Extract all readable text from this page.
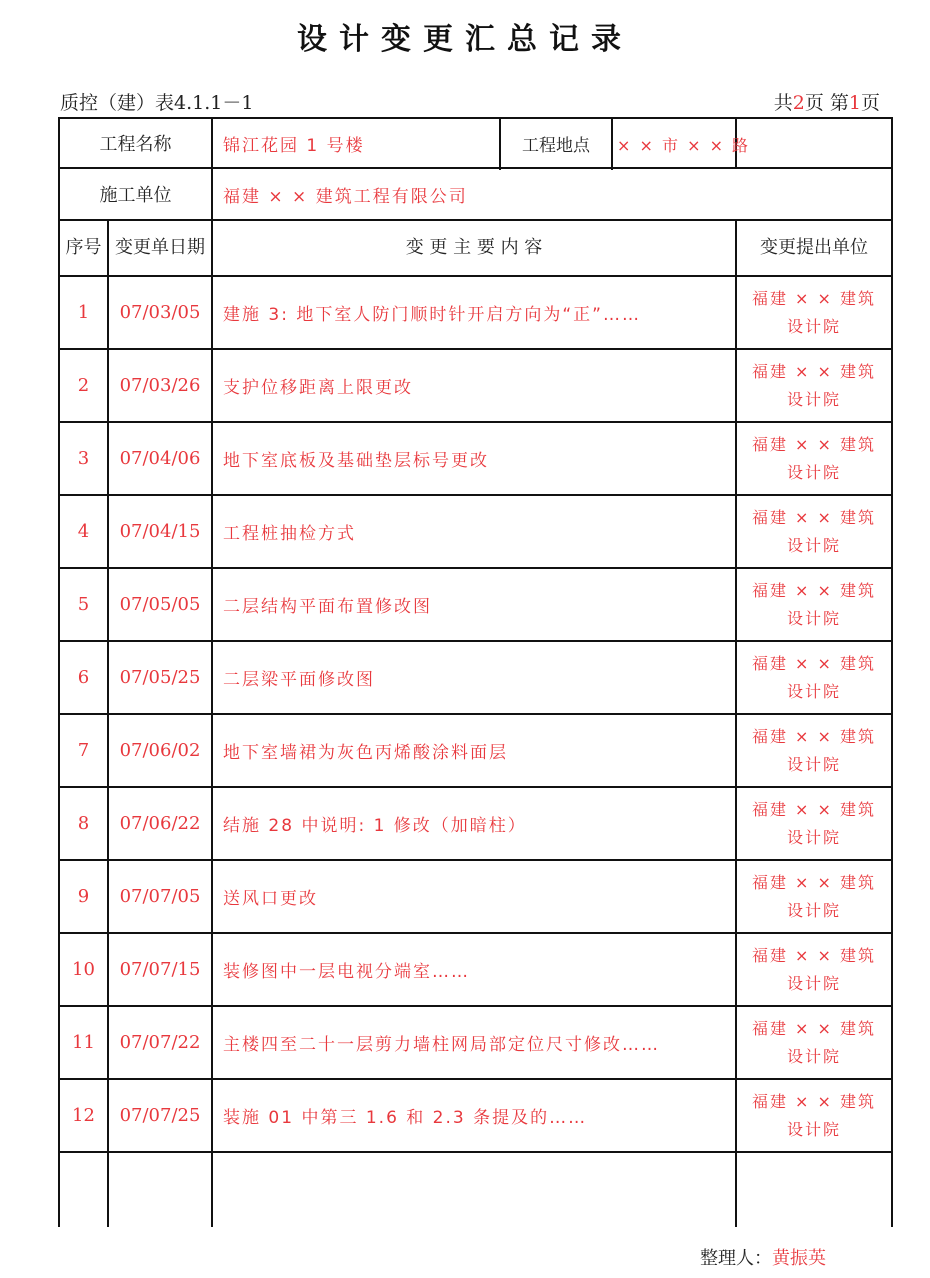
设计变更汇总记录
质控（建）表4.1.1－1	共2页 第1页
工程名称		锦江花园 1 号楼 工程地点	× × 市 × × 路

施工单位		福建 × × 建筑工程有限公司	
序号	变更单日期	变 更 主 要 内 容	变更提出单位
1	07/03/05	建施 3: 地下室人防门顺时针开启方向为“正”……	福建 × × 建筑
设计院

2	07/03/26	支护位移距离上限更改	福建 × × 建筑
设计院

3	07/04/06	地下室底板及基础垫层标号更改	福建 × × 建筑
设计院

4	07/04/15	工程桩抽检方式	福建 × × 建筑
设计院

5	07/05/05	二层结构平面布置修改图	福建 × × 建筑
设计院

6	07/05/25	二层梁平面修改图	福建 × × 建筑
设计院

7	07/06/02	地下室墙裙为灰色丙烯酸涂料面层	福建 × × 建筑
设计院

8	07/06/22	结施 28 中说明: 1 修改（加暗柱）	福建 × × 建筑
设计院

9	07/07/05	送风口更改	福建 × × 建筑
设计院

10	07/07/15	装修图中一层电视分端室……	福建 × × 建筑
设计院

11	07/07/22	主楼四至二十一层剪力墙柱网局部定位尺寸修改……	福建 × × 建筑
设计院

12	07/07/25	装施 01 中第三 1.6 和 2.3 条提及的……	福建 × × 建筑
设计院

整理人：黄振英
